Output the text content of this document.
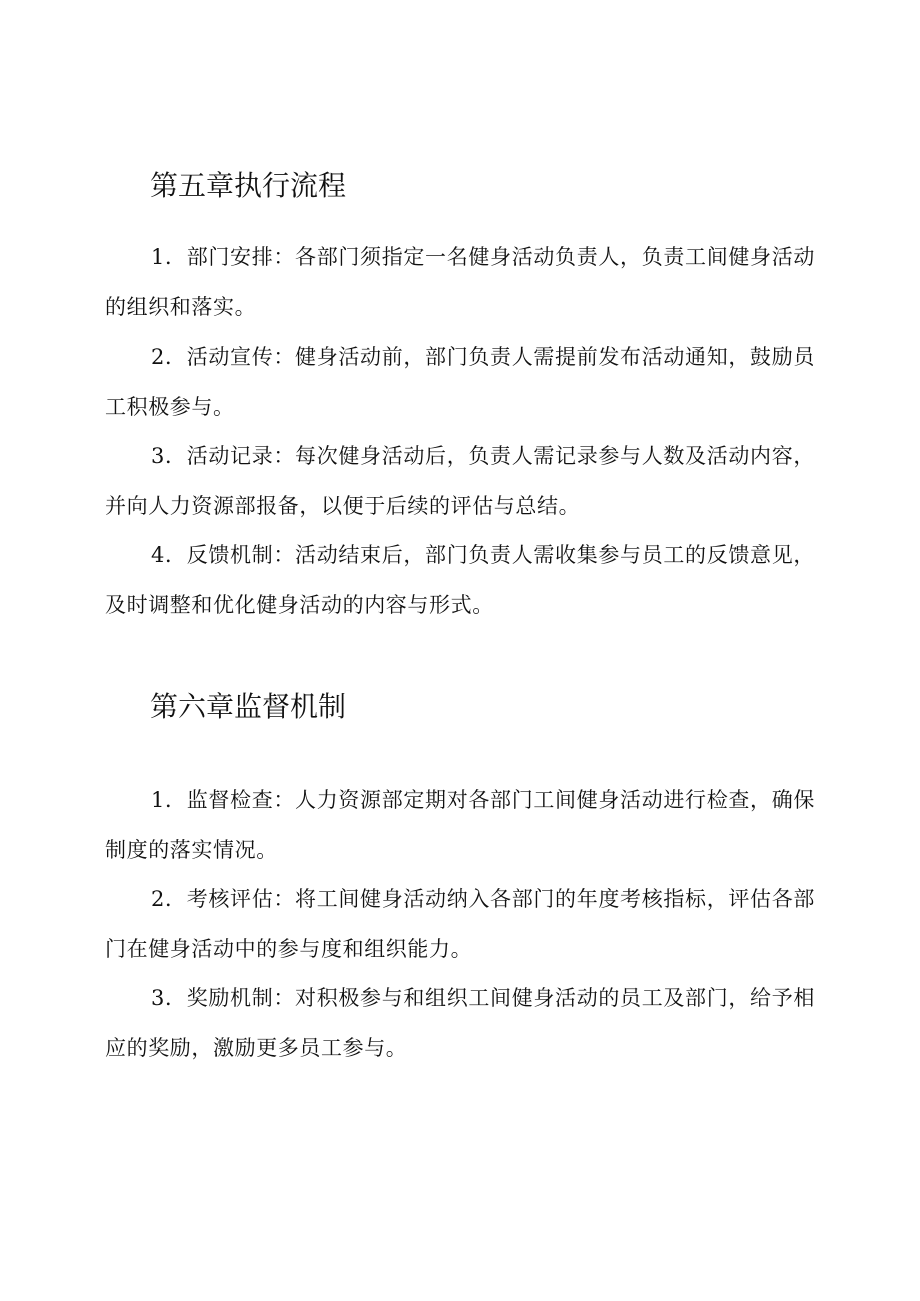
第五章执行流程

1．部门安排：各部门须指定一名健身活动负责人，负责工间健身活动的组织和落实。

2．活动宣传：健身活动前，部门负责人需提前发布活动通知，鼓励员工积极参与。

3．活动记录：每次健身活动后，负责人需记录参与人数及活动内容，并向人力资源部报备，以便于后续的评估与总结。

4．反馈机制：活动结束后，部门负责人需收集参与员工的反馈意见，及时调整和优化健身活动的内容与形式。

第六章监督机制

1．监督检查：人力资源部定期对各部门工间健身活动进行检查，确保制度的落实情况。

2．考核评估：将工间健身活动纳入各部门的年度考核指标，评估各部门在健身活动中的参与度和组织能力。

3．奖励机制：对积极参与和组织工间健身活动的员工及部门，给予相应的奖励，激励更多员工参与。
